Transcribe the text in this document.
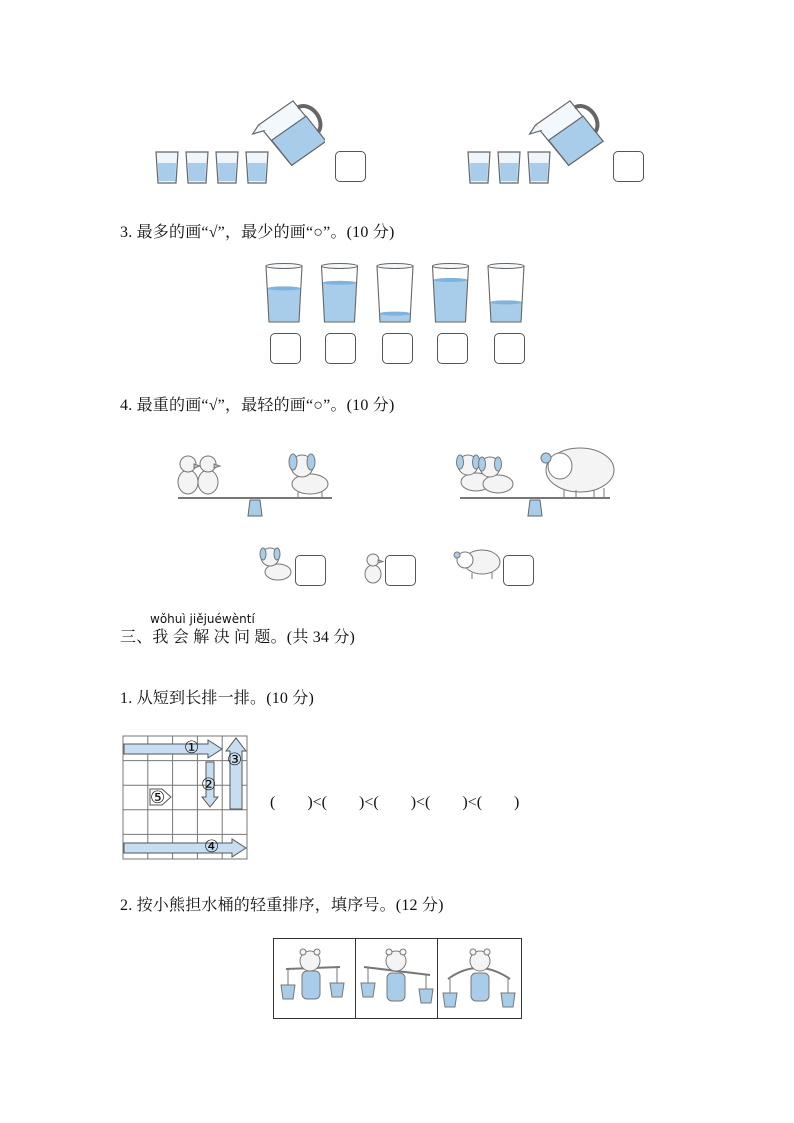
3. 最多的画“√”，最少的画“○”。(10 分)
4. 最重的画“√”，最轻的画“○”。(10 分)
wǒhuì jiějuéwèntí
三、我 会 解 决 问 题。(共 34 分)
1. 从短到长排一排。(10 分)
①
②
③
④
⑤	(　　)<(　　)<(　　)<(　　)<(　　)
2. 按小熊担水桶的轻重排序，填序号。(12 分)
